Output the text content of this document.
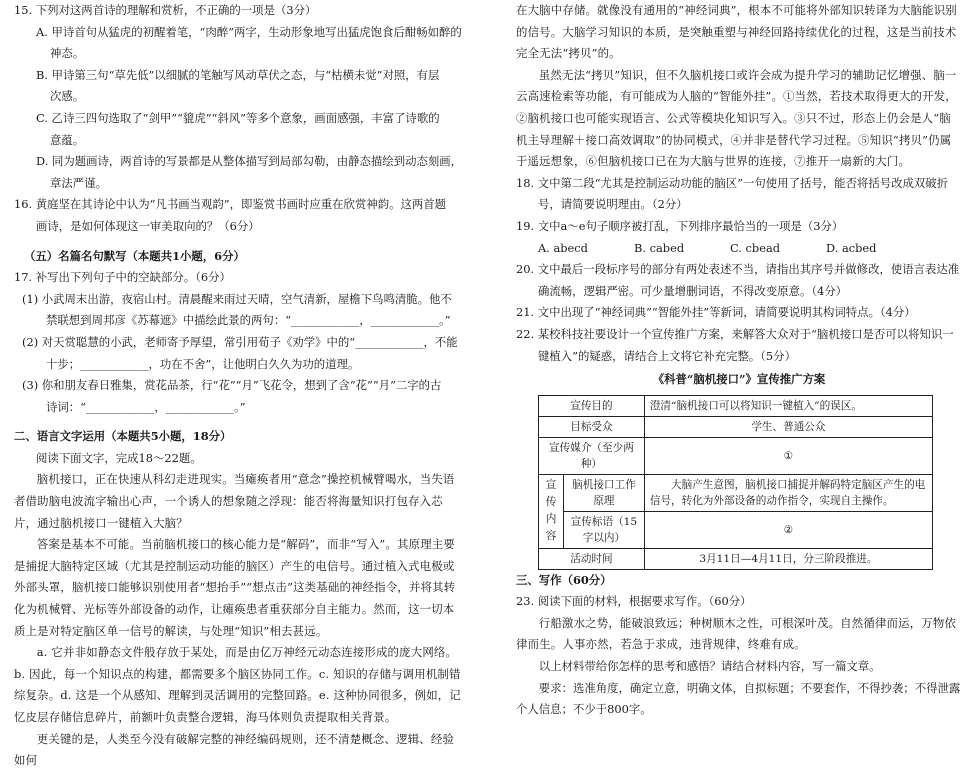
15. 下列对这两首诗的理解和赏析，不正确的一项是（3分）
A. 甲诗首句从猛虎的初醒着笔，“肉醉”两字，生动形象地写出猛虎饱食后酣畅如醉的
神态。
B. 甲诗第三句“草先低”以细腻的笔触写风动草伏之态，与“枯横未觉”对照，有层
次感。
C. 乙诗三四句选取了“剑甲”“貔虎”“斜风”等多个意象，画面感强，丰富了诗歌的
意蕴。
D. 同为题画诗，两首诗的写景都是从整体描写到局部勾勒，由静态描绘到动态刻画，
章法严谨。
16. 黄庭坚在其诗论中认为“凡书画当观韵”，即鉴赏书画时应重在欣赏神韵。这两首题
画诗，是如何体现这一审美取向的？（6分）
（五）名篇名句默写（本题共1小题，6分）
17. 补写出下列句子中的空缺部分。（6分）
(1) 小武周末出游，夜宿山村。清晨醒来雨过天晴，空气清新，屋檐下鸟鸣清脆。他不
禁联想到周邦彦《苏幕遮》中描绘此景的两句：“____________，____________。”
(2) 对天赏聪慧的小武，老师寄予厚望，常引用荀子《劝学》中的“____________，不能
十步；____________，功在不舍”，让他明白久久为功的道理。
(3) 你和朋友春日雅集，赏花品茶，行“花”“月”飞花令，想到了含“花”“月”二字的古
诗词：“____________，____________。”
二、语言文字运用（本题共5小题，18分）
阅读下面文字，完成18～22题。
脑机接口，正在快速从科幻走进现实。当瘫痪者用“意念”操控机械臂喝水，当失语者借助脑电波流字输出心声，一个诱人的想象随之浮现：能否将海量知识打包存入芯片，通过脑机接口一键植入大脑？
答案是基本不可能。当前脑机接口的核心能力是“解码”，而非“写入”。其原理主要是捕捉大脑特定区域（尤其是控制运动功能的脑区）产生的电信号。通过植入式电极或外部头罩，脑机接口能够识别使用者“想抬手”“想点击”这类基础的神经指令，并将其转化为机械臂、光标等外部设备的动作，让瘫痪患者重获部分自主能力。然而，这一切本质上是对特定脑区单一信号的解读，与处理“知识”相去甚远。
a. 它并非如静态文件般存放于某处，而是由亿万神经元动态连接形成的庞大网络。
b. 因此，每一个知识点的构建，都需要多个脑区协同工作。c. 知识的存储与调用机制错综复杂。d. 这是一个从感知、理解到灵活调用的完整回路。e. 这种协同很多，例如，记忆皮层存储信息碎片，前额叶负责整合逻辑，海马体则负责提取相关背景。
更关键的是，人类至今没有破解完整的神经编码规则，还不清楚概念、逻辑、经验如何
在大脑中存储。就像没有通用的“神经词典”，根本不可能将外部知识转译为大脑能识别的信号。大脑学习知识的本质，是突触重塑与神经回路持续优化的过程，这是当前技术完全无法“拷贝”的。
虽然无法“拷贝”知识，但不久脑机接口或许会成为提升学习的辅助记忆增强、脑一云高速检索等功能，有可能成为人脑的“智能外挂”。①当然，若技术取得更大的开发，②脑机接口也可能实现语言、公式等模块化知识写入。③只不过，形态上仍会是人“脑机主导理解＋接口高效调取”的协同模式，④并非是替代学习过程。⑤知识“拷贝”仍属于遥远想象，⑥但脑机接口已在为大脑与世界的连接，⑦推开一扇新的大门。
18. 文中第二段“尤其是控制运动功能的脑区”一句使用了括号，能否将括号改成双破折
号，请简要说明理由。（2分）
19. 文中a～e句子顺序被打乱，下列排序最恰当的一项是（3分）
A. abecd	B. cabed	C. cbead	D. acbed
20. 文中最后一段标序号的部分有两处表述不当，请指出其序号并做修改，使语言表达准
确流畅，逻辑严密。可少量增删词语，不得改变原意。（4分）
21. 文中出现了“神经词典”“智能外挂”等新词，请简要说明其构词特点。（4分）
22. 某校科技社要设计一个宣传推广方案，来解答大众对于“脑机接口是否可以将知识一
键植入”的疑惑，请结合上文将它补充完整。（5分）
《科普“脑机接口”》宣传推广方案
宣传目的		澄清“脑机接口可以将知识一键植入”的误区。
目标受众		学生、普通公众
宣传媒介（至少两种）		①
宣传内容	脑机接口工作原理	大脑产生意图，脑机接口捕捉并解码特定脑区产生的电信号，转化为外部设备的动作指令，实现自主操作。
	宣传标语（15字以内）	②
活动时间		3月11日—4月11日，分三阶段推进。
三、写作（60分）
23. 阅读下面的材料，根据要求写作。（60分）
行船激水之势，能破浪致远；种树顺木之性，可根深叶茂。自然循律而运，万物依律而生。人事亦然，若急于求成，违背规律，终难有成。
以上材料带给你怎样的思考和感悟？请结合材料内容，写一篇文章。
要求：选准角度，确定立意，明确文体，自拟标题；不要套作，不得抄袭；不得泄露个人信息；不少于800字。
